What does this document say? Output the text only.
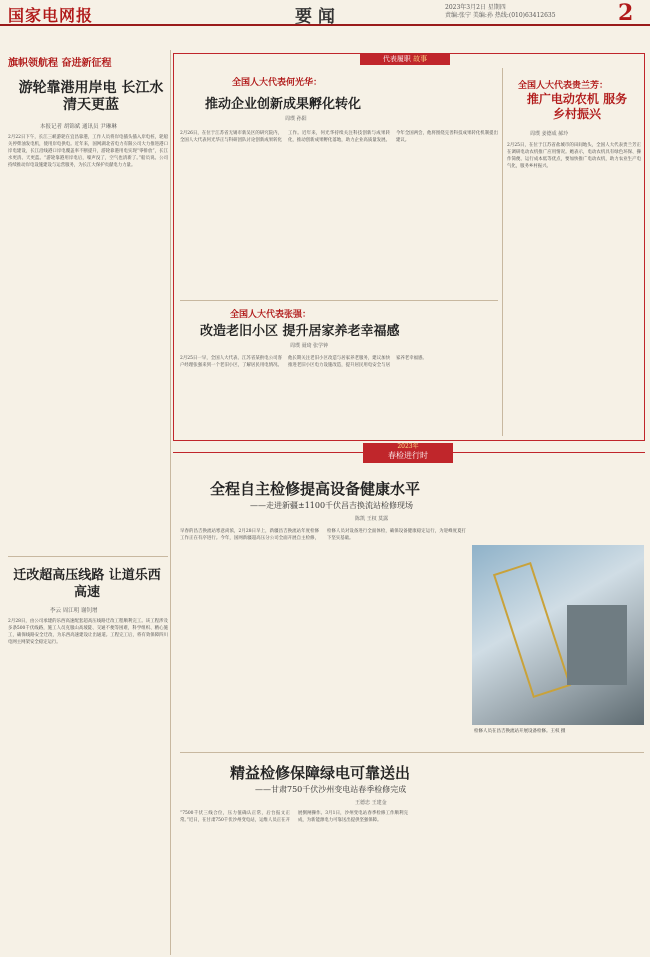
国家电网报	要 闻	2023年3月2日 星期四
责编:张宁 美编:孙 热线:(010)63412635	2
旗帜领航程 奋进新征程
游轮靠港用岸电 长江水清天更蓝
本报记者 胡锦斌 通讯员 尹琳琳
2月22日下午，长江三峡游轮在宜昌靠港，工作人员将岸电插头插入岸电桩，轮船关停柴油发电机，使用岸电供电。近年来，国网湖北省电力有限公司大力推进港口岸电建设，长江沿线港口岸电覆盖率不断提升，游轮靠港用电实现“零排放”，长江水更清、天更蓝。“游轮靠港用岸电后，噪声没了，空气也清新了。”船员说。公司持续推动岸电设施建设与运营服务，为长江大保护贡献电力力量。
迁改超高压线路 让道乐西高速
李云 周江明 谢钊增
2月28日，由公司承建的乐西高速配套超高压线路迁改工程顺利完工。该工程涉及多条500千伏线路，施工人员克服山高坡陡、交通不便等困难，科学组织、精心施工，确保线路安全迁改，为乐西高速建设让出通道。工程完工后，将有效保障四川电网主网架安全稳定运行。
代表履职 故事
全国人大代表何光华：
推动企业创新成果孵化转化
周璞 孙阳
2月26日，在位于江苏省无锡市新吴区的研究院内，全国人大代表何光华正与科研团队讨论创新成果转化工作。近年来，何光华持续关注科技创新与成果转化，推动创新成果孵化落地，助力企业高质量发展。今年全国两会，他将围绕完善科技成果转化机制提出建议。
全国人大代表贵兰芳：
推广电动农机 服务乡村振兴
周璞 姜德成 郝玲
2月25日，在位于江苏省盐城市的田间地头，全国人大代表贵兰芳正在调研电动农机推广应用情况。她表示，电动农机具有绿色环保、操作简便、运行成本低等优点，要加快推广电动农机，助力农业生产电气化，服务乡村振兴。
全国人大代表张强：
改造老旧小区 提升居家养老幸福感
周璞 聂琦 张学钟
2月25日一早，全国人大代表、江苏省某供电公司客户经理张强来到一个老旧小区，了解居民用电情况。他长期关注老旧小区改造与居家养老服务，建议加快推进老旧小区电力设施改造，提升居民用电安全与居家养老幸福感。
2023年
春检进行时
全程自主检修提高设备健康水平
——走进新疆±1100千伏昌吉换流站检修现场
陈凯 王权 莫露
早春的昌吉换流站寒意尚浓，2月28日早上，新疆昌吉换流站年度检修工作正在有序进行。今年，国网新疆超高压分公司全面开展自主检修，检修人员对设备进行全面体检，确保设备健康稳定运行，为迎峰度夏打下坚实基础。
检修人员在昌吉换流站开展设备检修。王权 摄
精益检修保障绿电可靠送出
——甘肃750千伏沙州变电站春季检修完成
王德忠 王建金
“7500千伏三线合位，压力值确认正常，后台报文正常。”近日，在甘肃750千伏沙州变电站，运维人员正在开展倒闸操作。3月1日，沙州变电站春季检修工作顺利完成，为新能源电力可靠送出提供坚强保障。
